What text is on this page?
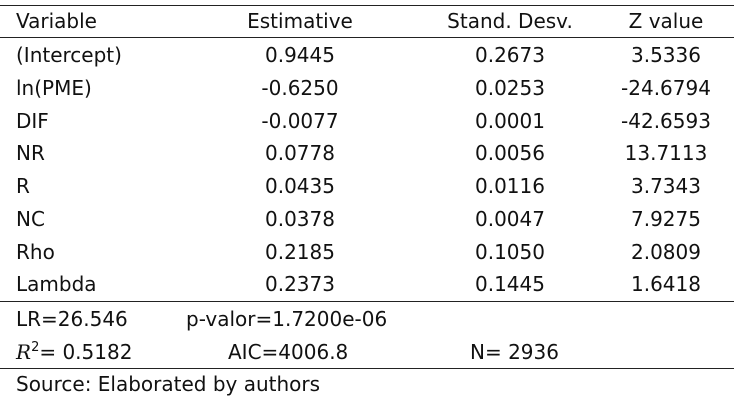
Variable	Estimative	Stand. Desv.	Z value
(Intercept)	0.9445	0.2673	3.5336
ln(PME)	-0.6250	0.0253	-24.6794
DIF	-0.0077	0.0001	-42.6593
NR	0.0778	0.0056	13.7113
R	0.0435	0.0116	3.7343
NC	0.0378	0.0047	7.9275
Rho	0.2185	0.1050	2.0809
Lambda	0.2373	0.1445	1.6418
LR=26.546	p-valor=1.7200e-06
$R^2= 0.5182$	AIC=4006.8	N= 2936
Source: Elaborated by authors
